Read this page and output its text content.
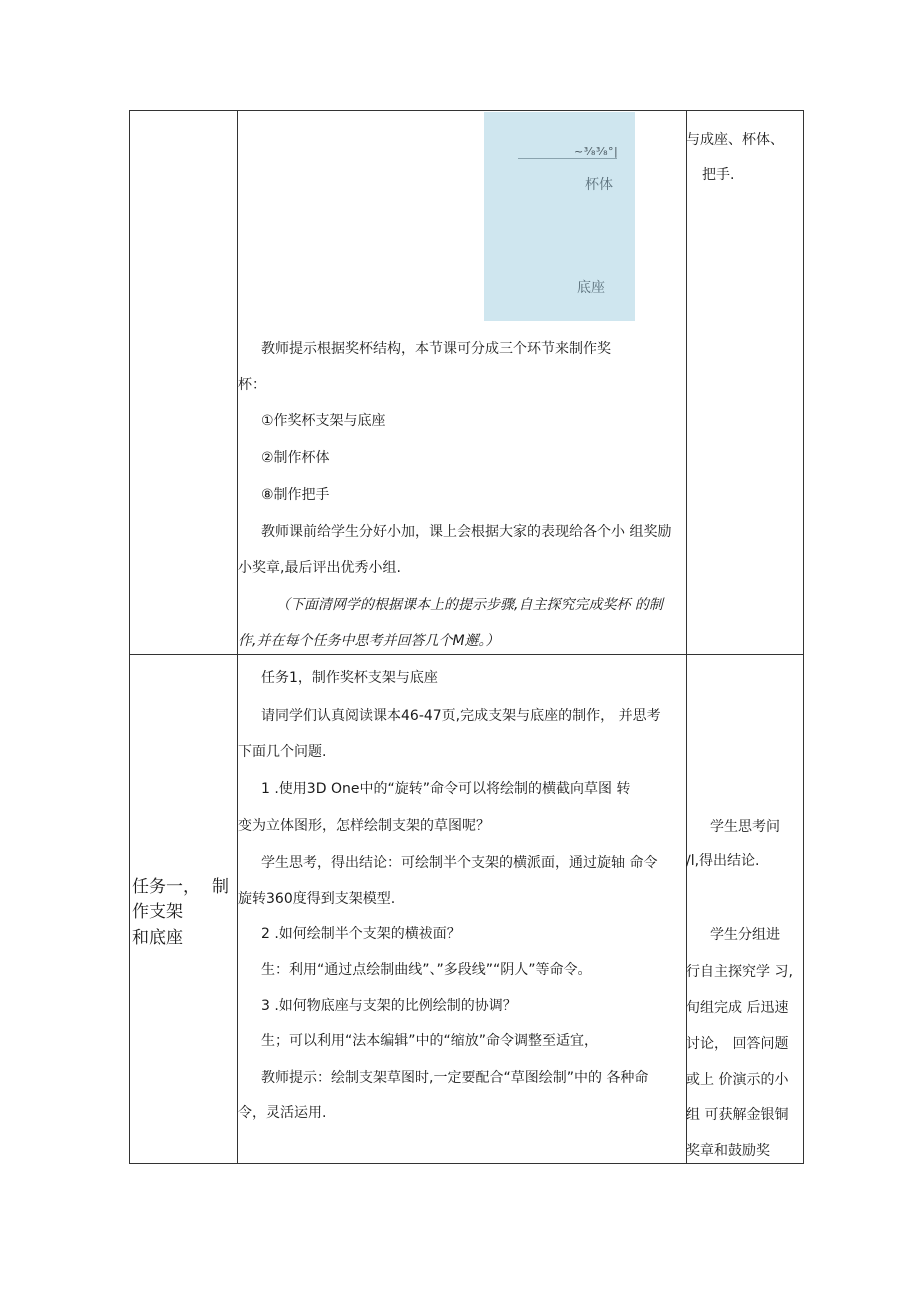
~³⁄₈³⁄₈°|
杯体
底座
与成座、杯体、
把手.
教师提示根据奖杯结构，本节课可分成三个环节来制作奖
杯：
①作奖杯支架与底座
②制作杯体
⑧制作把手
教师课前给学生分好小加，课上会根据大家的表现给各个小 组奖励
小奖章,最后评出优秀小组.
（下面清网学的根据课本上的提示步骤,自主探究完成奖杯 的制
作,并在每个任务中思考并回答几个M邂。）
任务一， 制
作支架
和底座
任务1，制作奖杯支架与底座
请同学们认真阅读课本46-47页,完成支架与底座的制作， 并思考
下面几个问题.
1 .使用3D One中的“旋转”命令可以将绘制的横截向草图 转
变为立体图形，怎样绘制支架的草图呢？
学生思考，得出结论：可绘制半个支架的横派面，通过旋轴 命令
旋转360度得到支架模型.
2 .如何绘制半个支架的横祓面？
生：利用“通过点绘制曲线”、”多段线”“阴人”等命令。
3 .如何物底座与支架的比例绘制的协调？
生；可以利用“法本编辑”中的“缩放”命令调整至适宜，
教师提示：绘制支架草图时,一定要配合“草图绘制”中的 各种命
令，灵活运用.
学生思考问
∕l,得出结论.
学生分组进
行自主探究学 习,
旬组完成 后迅速
讨论， 回答问题
或上 价演示的小
组 可获解金银铜
奖章和鼓励奖
